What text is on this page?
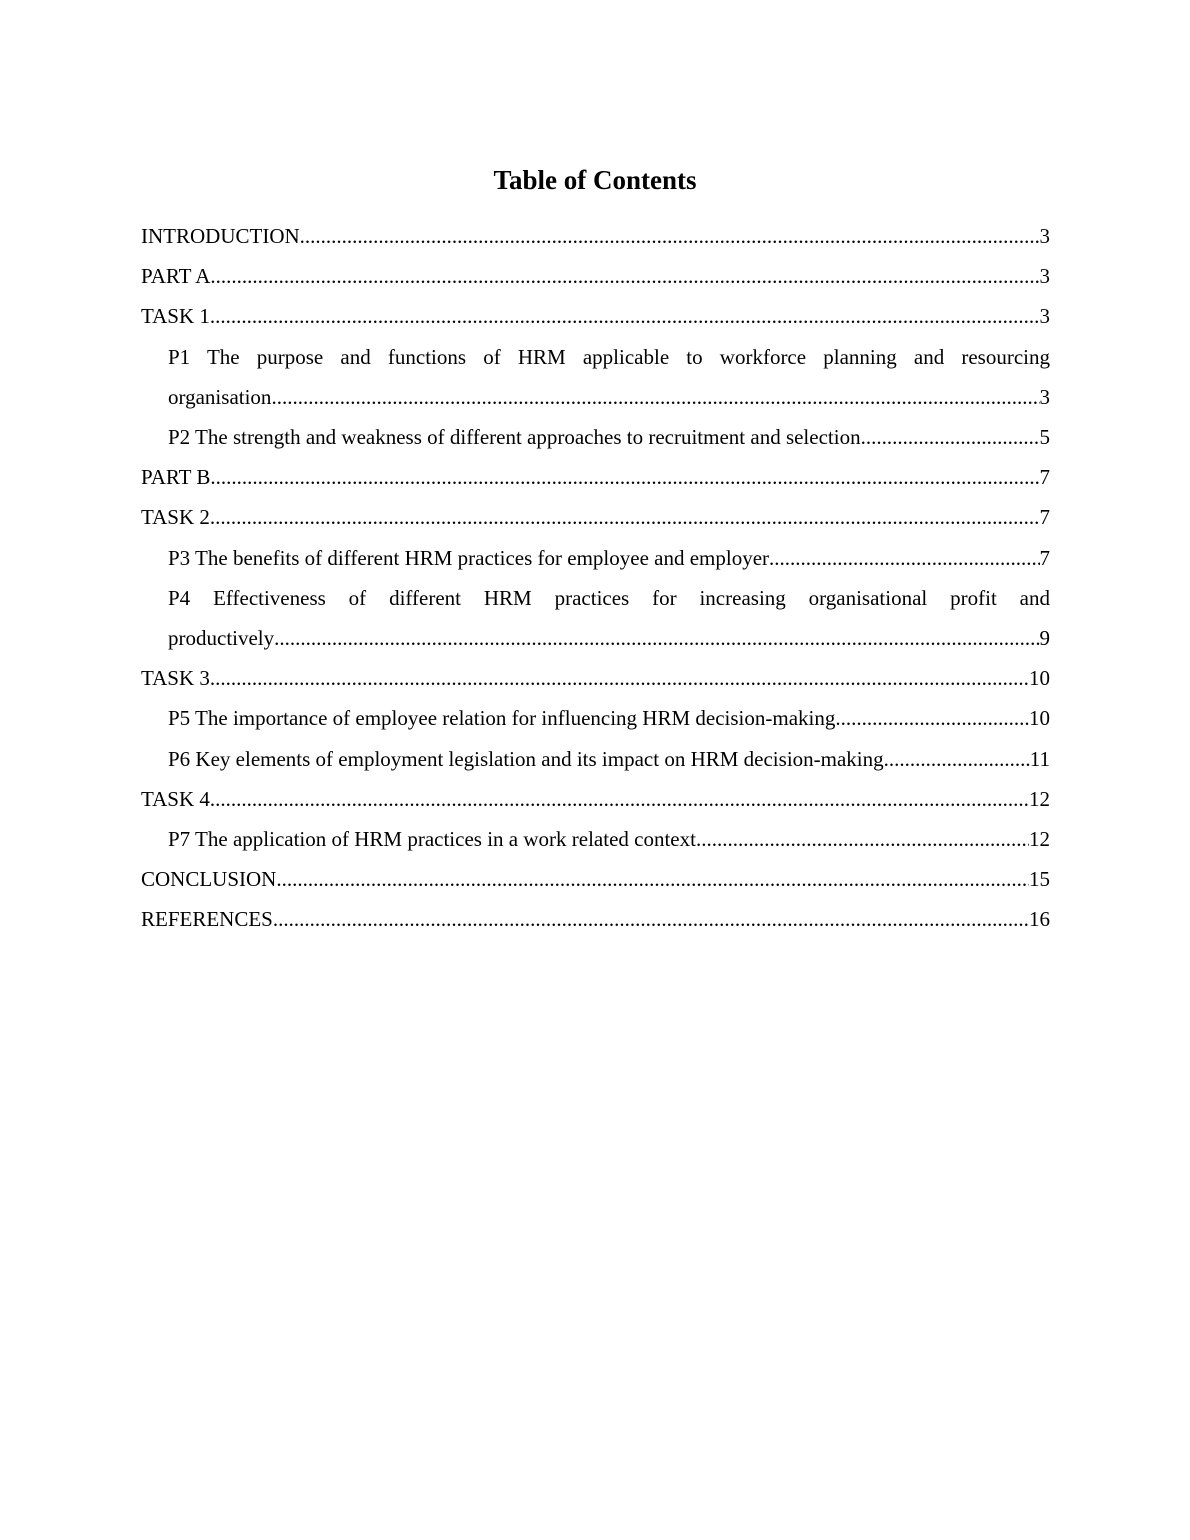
Table of Contents
INTRODUCTION .....	3
PART A .....	3
TASK 1 .....	3
P1 The purpose and functions of HRM applicable to workforce planning and resourcing
organisation .....	3
P2 The strength and weakness of different approaches to recruitment and selection .....	5
PART B .....	7
TASK 2 .....	7
P3 The benefits of different HRM practices for employee and employer .....	7
P4 Effectiveness of different HRM practices for increasing organisational profit and
productively .....	9
TASK 3 .....	10
P5 The importance of employee relation for influencing HRM decision-making .....	10
P6 Key elements of employment legislation and its impact on HRM decision-making .....	11
TASK 4 .....	12
P7 The application of HRM practices in a work related context .....	12
CONCLUSION .....	15
REFERENCES .....	16
